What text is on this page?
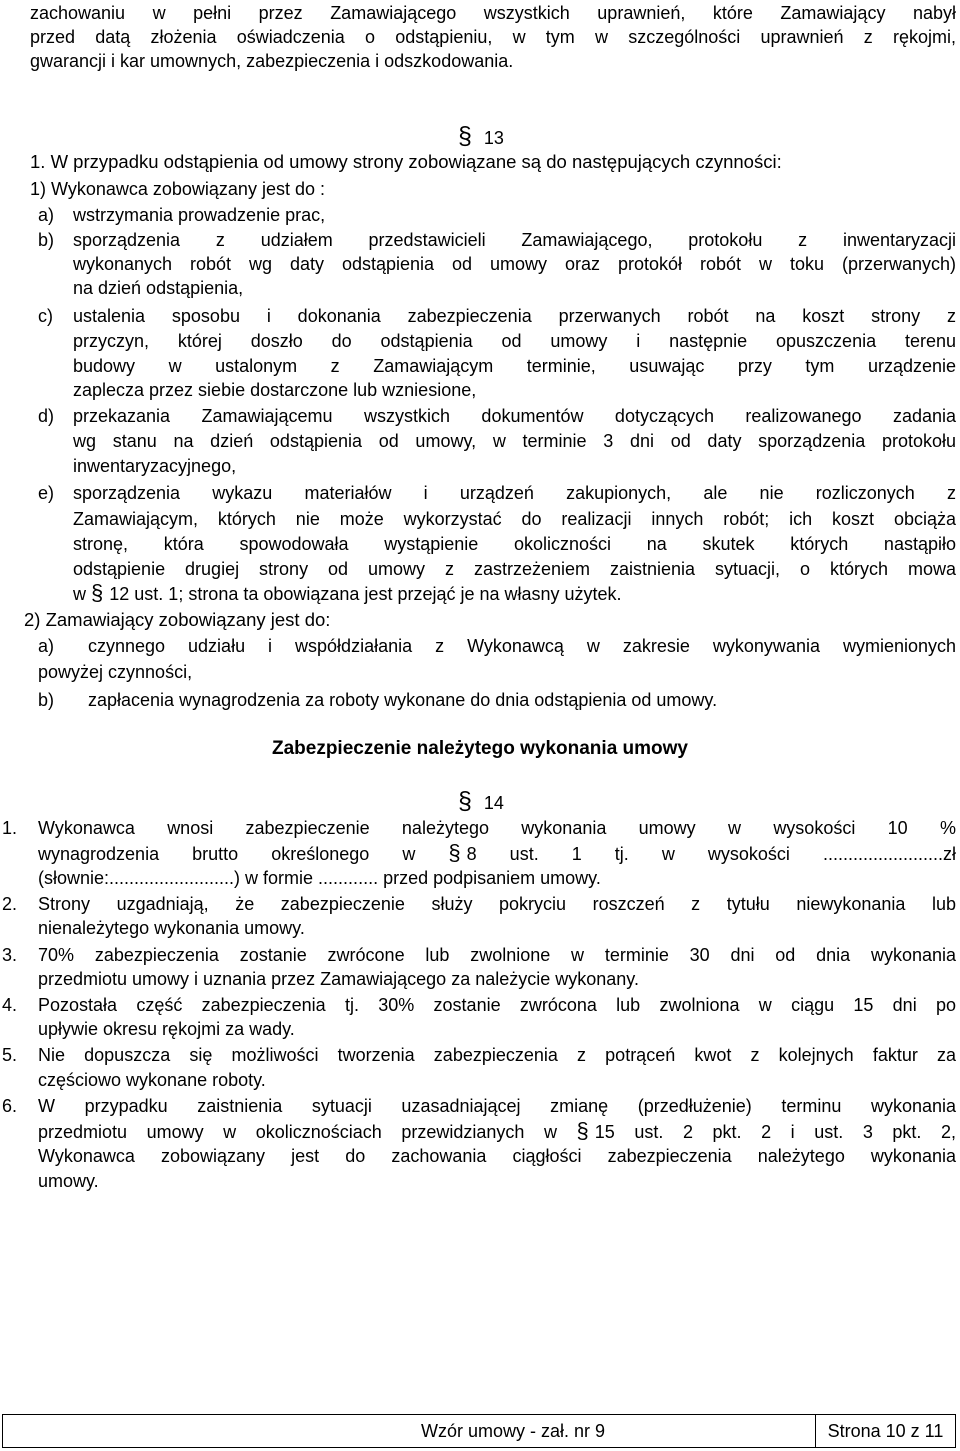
zachowaniu w pełni przez Zamawiającego wszystkich uprawnień, które Zamawiający nabył
przed datą złożenia oświadczenia o odstąpieniu, w tym w szczególności uprawnień z rękojmi,
gwarancji i kar umownych, zabezpieczenia i odszkodowania.
§ 13
1. W przypadku odstąpienia od umowy strony zobowiązane są do następujących czynności:
1) Wykonawca zobowiązany jest do :
a) wstrzymania prowadzenie prac,
b) sporządzenia z udziałem przedstawicieli Zamawiającego, protokołu z inwentaryzacji
wykonanych robót wg daty odstąpienia od umowy oraz protokół robót w toku (przerwanych)
na dzień odstąpienia,
c) ustalenia sposobu i dokonania zabezpieczenia przerwanych robót na koszt strony z
przyczyn, której doszło do odstąpienia od umowy i następnie opuszczenia terenu
budowy w ustalonym z Zamawiającym terminie, usuwając przy tym urządzenie
zaplecza przez siebie dostarczone lub wzniesione,
d) przekazania Zamawiającemu wszystkich dokumentów dotyczących realizowanego zadania
wg stanu na dzień odstąpienia od umowy, w terminie 3 dni od daty sporządzenia protokołu
inwentaryzacyjnego,
e) sporządzenia wykazu materiałów i urządzeń zakupionych, ale nie rozliczonych z
Zamawiającym, których nie może wykorzystać do realizacji innych robót; ich koszt obciąża
stronę, która spowodowała wystąpienie okoliczności na skutek których nastąpiło
odstąpienie drugiej strony od umowy z zastrzeżeniem zaistnienia sytuacji, o których mowa
w § 12 ust. 1; strona ta obowiązana jest przejąć je na własny użytek.
2) Zamawiający zobowiązany jest do:
a) czynnego udziału i współdziałania z Wykonawcą w zakresie wykonywania wymienionych
powyżej czynności,
b) zapłacenia wynagrodzenia za roboty wykonane do dnia odstąpienia od umowy.
Zabezpieczenie należytego wykonania umowy
§ 14
1. Wykonawca wnosi zabezpieczenie należytego wykonania umowy w wysokości 10 %
wynagrodzenia brutto określonego w § 8 ust. 1 tj. w wysokości ........................zł
(słownie:.........................) w formie ............ przed podpisaniem umowy.
2. Strony uzgadniają, że zabezpieczenie służy pokryciu roszczeń z tytułu niewykonania lub
nienależytego wykonania umowy.
3. 70% zabezpieczenia zostanie zwrócone lub zwolnione w terminie 30 dni od dnia wykonania
przedmiotu umowy i uznania przez Zamawiającego za należycie wykonany.
4. Pozostała część zabezpieczenia tj. 30% zostanie zwrócona lub zwolniona w ciągu 15 dni po
upływie okresu rękojmi za wady.
5. Nie dopuszcza się możliwości tworzenia zabezpieczenia z potrąceń kwot z kolejnych faktur za
częściowo wykonane roboty.
6. W przypadku zaistnienia sytuacji uzasadniającej zmianę (przedłużenie) terminu wykonania
przedmiotu umowy w okolicznościach przewidzianych w § 15 ust. 2 pkt. 2 i ust. 3 pkt. 2,
Wykonawca zobowiązany jest do zachowania ciągłości zabezpieczenia należytego wykonania
umowy.
Wzór umowy - zał. nr 9	Strona 10 z 11
